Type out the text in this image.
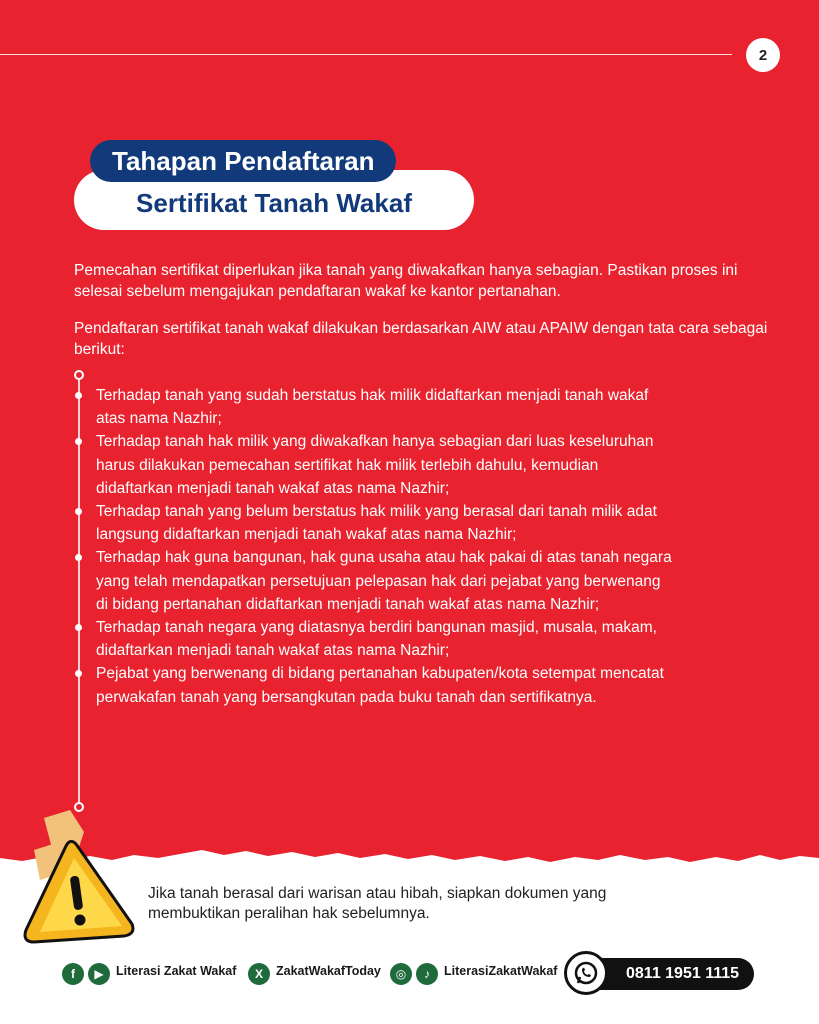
2
Sertifikat Tanah Wakaf
Tahapan Pendaftaran
Pemecahan sertifikat diperlukan jika tanah yang diwakafkan hanya sebagian. Pastikan proses ini selesai sebelum mengajukan pendaftaran wakaf ke kantor pertanahan.
Pendaftaran sertifikat tanah wakaf dilakukan berdasarkan AIW atau APAIW dengan tata cara sebagai berikut:
Terhadap tanah yang sudah berstatus hak milik didaftarkan menjadi tanah wakaf atas nama Nazhir;
Terhadap tanah hak milik yang diwakafkan hanya sebagian dari luas keseluruhan harus dilakukan pemecahan sertifikat hak milik terlebih dahulu, kemudian didaftarkan menjadi tanah wakaf atas nama Nazhir;
Terhadap tanah yang belum berstatus hak milik yang berasal dari tanah milik adat langsung didaftarkan menjadi tanah wakaf atas nama Nazhir;
Terhadap hak guna bangunan, hak guna usaha atau hak pakai di atas tanah negara yang telah mendapatkan persetujuan pelepasan hak dari pejabat yang berwenang di bidang pertanahan didaftarkan menjadi tanah wakaf atas nama Nazhir;
Terhadap tanah negara yang diatasnya berdiri bangunan masjid, musala, makam, didaftarkan menjadi tanah wakaf atas nama Nazhir;
Pejabat yang berwenang di bidang pertanahan kabupaten/kota setempat mencatat perwakafan tanah yang bersangkutan pada buku tanah dan sertifikatnya.
Jika tanah berasal dari warisan atau hibah, siapkan dokumen yang membuktikan peralihan hak sebelumnya.
f	▶ Literasi Zakat Wakaf	X	ZakatWakafToday	◎	♪	LiterasiZakatWakaf	0811 1951 1115
